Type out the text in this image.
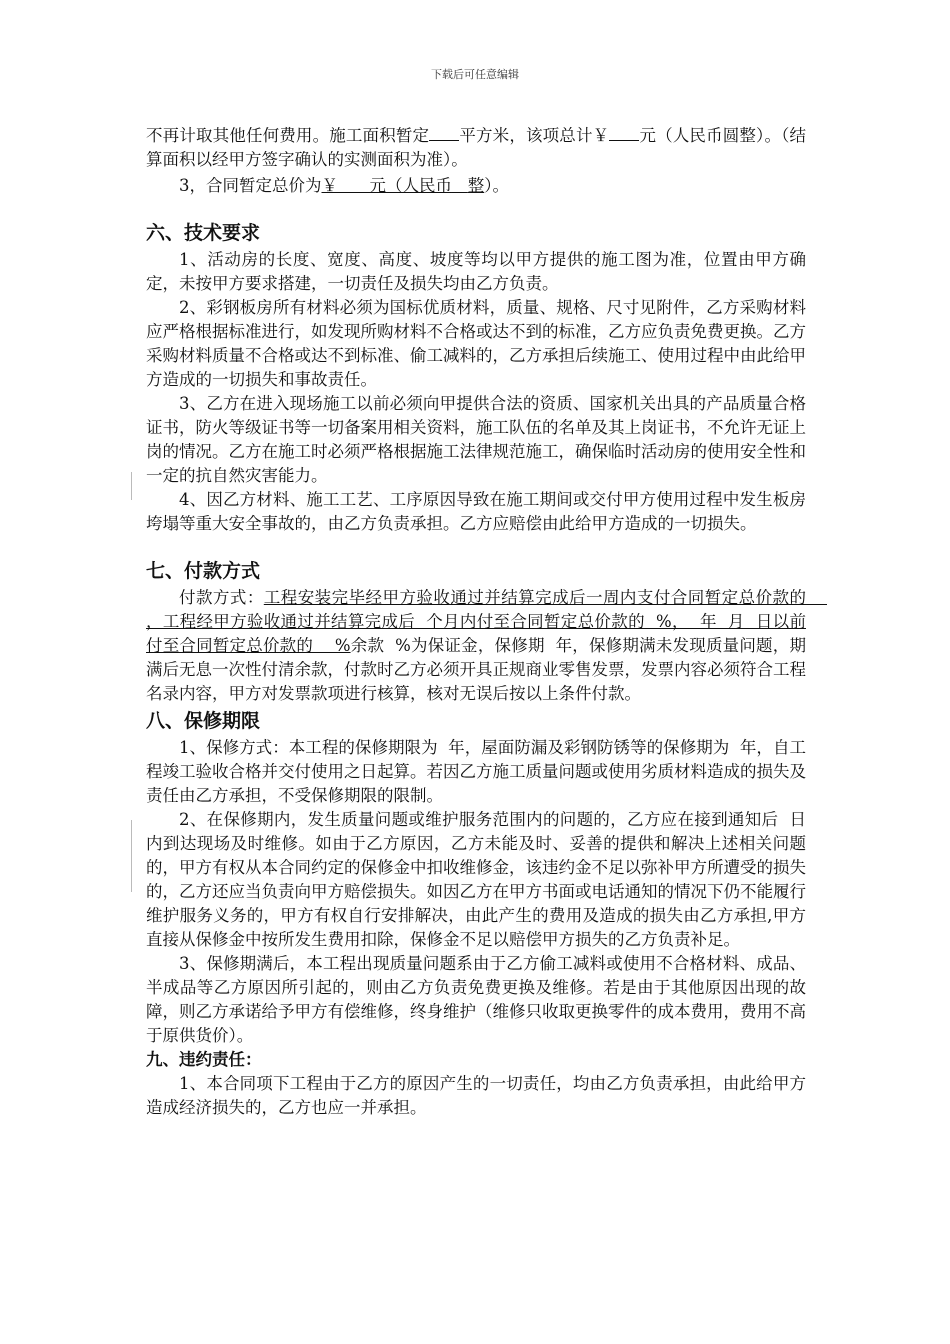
下载后可任意编辑

不再计取其他任何费用。施工面积暂定 平方米，该项总计￥ 元（人民币圆整）。（结算面积以经甲方签字确认的实测面积为准）。

3，合同暂定总价为￥      元（人民币 整）。

六、技术要求

1、活动房的长度、宽度、高度、坡度等均以甲方提供的施工图为准，位置由甲方确定，未按甲方要求搭建，一切责任及损失均由乙方负责。

2、彩钢板房所有材料必须为国标优质材料，质量、规格、尺寸见附件，乙方采购材料应严格根据标准进行，如发现所购材料不合格或达不到的标准，乙方应负责免费更换。乙方采购材料质量不合格或达不到标准、偷工减料的，乙方承担后续施工、使用过程中由此给甲方造成的一切损失和事故责任。

3、乙方在进入现场施工以前必须向甲提供合法的资质、国家机关出具的产品质量合格证书，防火等级证书等一切备案用相关资料，施工队伍的名单及其上岗证书，不允许无证上岗的情况。乙方在施工时必须严格根据施工法律规范施工，确保临时活动房的使用安全性和一定的抗自然灾害能力。

4、因乙方材料、施工工艺、工序原因导致在施工期间或交付甲方使用过程中发生板房垮塌等重大安全事故的，由乙方负责承担。乙方应赔偿由此给甲方造成的一切损失。

七、付款方式

付款方式：工程安装完毕经甲方验收通过并结算完成后一周内支付合同暂定总价款的    ，工程经甲方验收通过并结算完成后  个月内付至合同暂定总价款的  %，  年  月  日以前付至合同暂定总价款的    %余款  %为保证金，保修期  年，保修期满未发现质量问题，期满后无息一次性付清余款，付款时乙方必须开具正规商业零售发票，发票内容必须符合工程名录内容，甲方对发票款项进行核算，核对无误后按以上条件付款。

八、保修期限

1、保修方式：本工程的保修期限为  年，屋面防漏及彩钢防锈等的保修期为  年，自工程竣工验收合格并交付使用之日起算。若因乙方施工质量问题或使用劣质材料造成的损失及责任由乙方承担，不受保修期限的限制。

2、在保修期内，发生质量问题或维护服务范围内的问题的，乙方应在接到通知后  日内到达现场及时维修。如由于乙方原因，乙方未能及时、妥善的提供和解决上述相关问题的，甲方有权从本合同约定的保修金中扣收维修金，该违约金不足以弥补甲方所遭受的损失的，乙方还应当负责向甲方赔偿损失。如因乙方在甲方书面或电话通知的情况下仍不能履行维护服务义务的，甲方有权自行安排解决，由此产生的费用及造成的损失由乙方承担,甲方直接从保修金中按所发生费用扣除，保修金不足以赔偿甲方损失的乙方负责补足。

3、保修期满后，本工程出现质量问题系由于乙方偷工减料或使用不合格材料、成品、半成品等乙方原因所引起的，则由乙方负责免费更换及维修。若是由于其他原因出现的故障，则乙方承诺给予甲方有偿维修，终身维护（维修只收取更换零件的成本费用，费用不高于原供货价）。

九、违约责任：

1、本合同项下工程由于乙方的原因产生的一切责任，均由乙方负责承担，由此给甲方造成经济损失的，乙方也应一并承担。
